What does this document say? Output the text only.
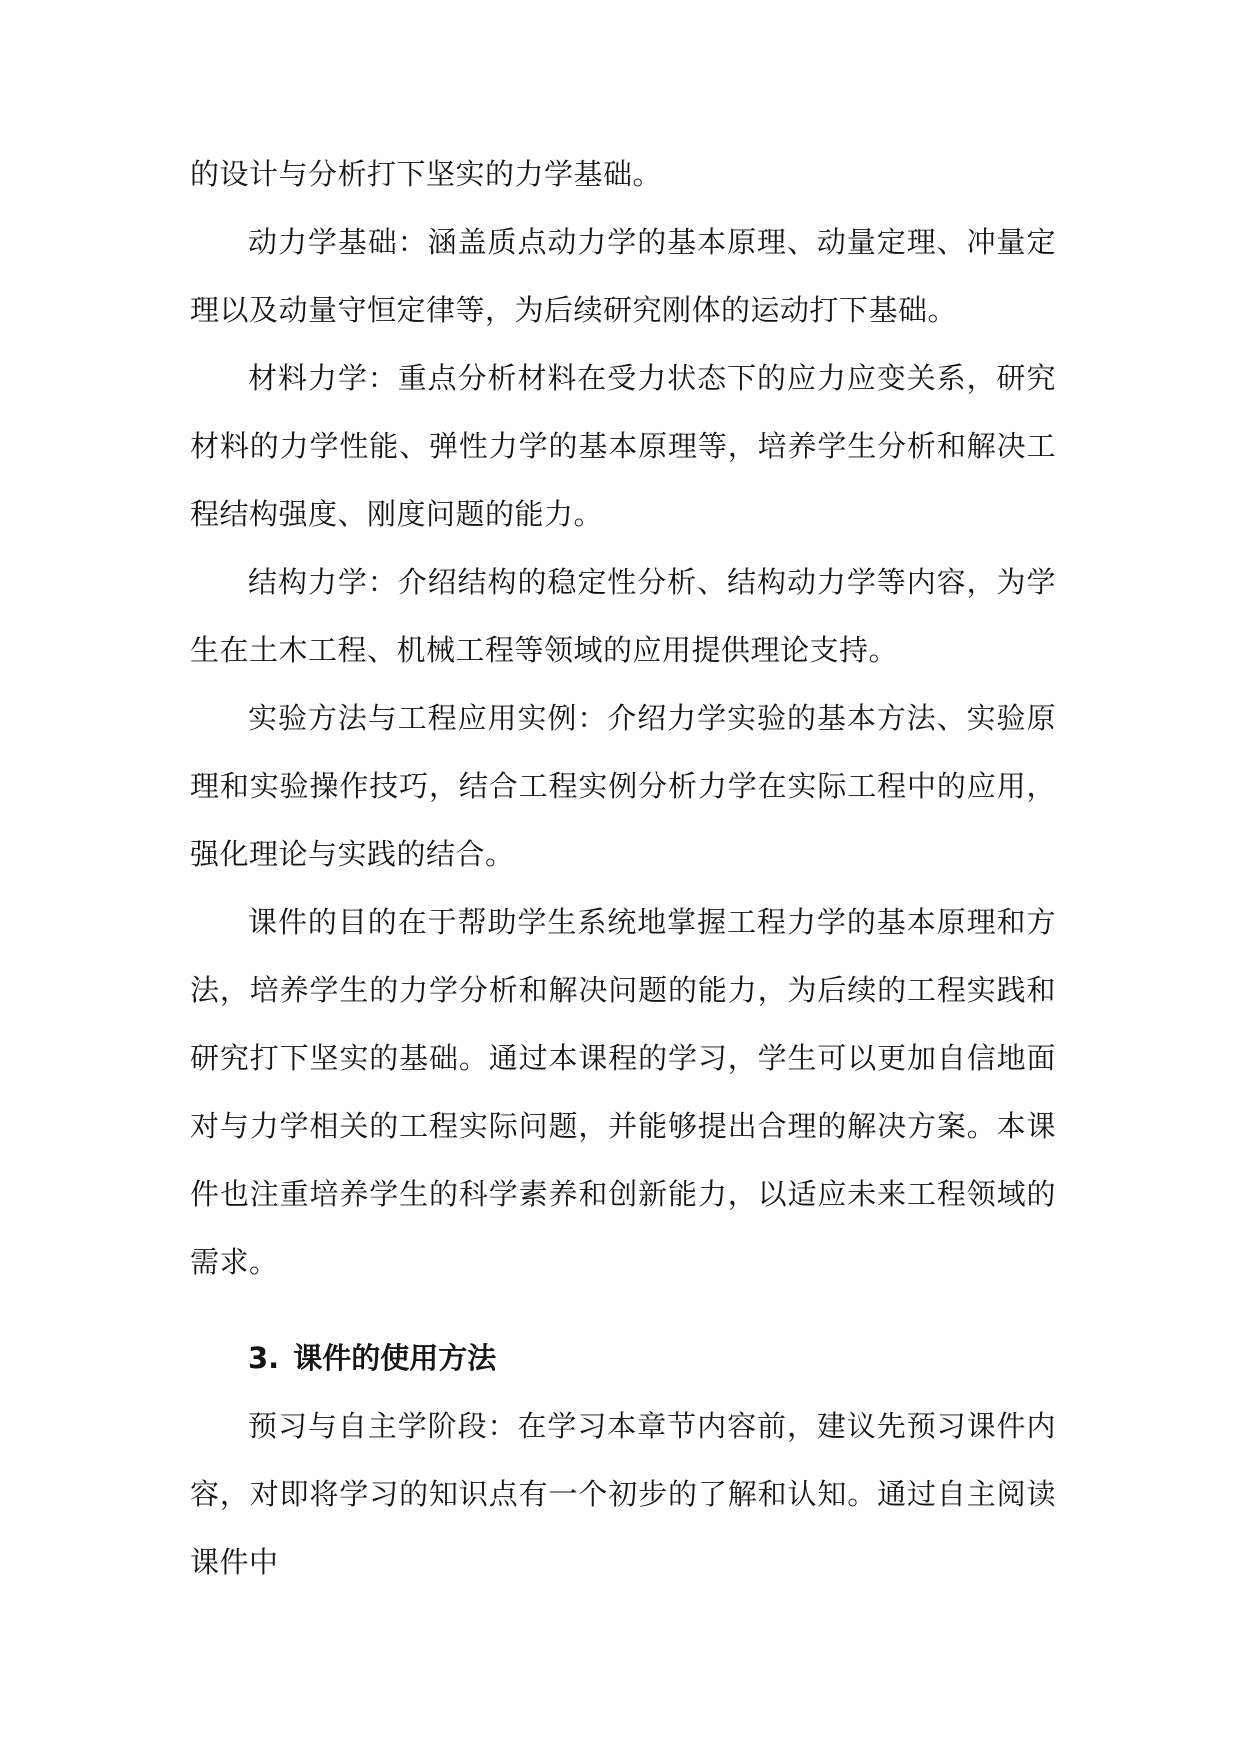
的设计与分析打下坚实的力学基础。

动力学基础：涵盖质点动力学的基本原理、动量定理、冲量定理以及动量守恒定律等，为后续研究刚体的运动打下基础。

材料力学：重点分析材料在受力状态下的应力应变关系，研究材料的力学性能、弹性力学的基本原理等，培养学生分析和解决工程结构强度、刚度问题的能力。

结构力学：介绍结构的稳定性分析、结构动力学等内容，为学生在土木工程、机械工程等领域的应用提供理论支持。

实验方法与工程应用实例：介绍力学实验的基本方法、实验原理和实验操作技巧，结合工程实例分析力学在实际工程中的应用，强化理论与实践的结合。

课件的目的在于帮助学生系统地掌握工程力学的基本原理和方法，培养学生的力学分析和解决问题的能力，为后续的工程实践和研究打下坚实的基础。通过本课程的学习，学生可以更加自信地面对与力学相关的工程实际问题，并能够提出合理的解决方案。本课件也注重培养学生的科学素养和创新能力，以适应未来工程领域的需求。

3. 课件的使用方法

预习与自主学阶段：在学习本章节内容前，建议先预习课件内容，对即将学习的知识点有一个初步的了解和认知。通过自主阅读课件中
